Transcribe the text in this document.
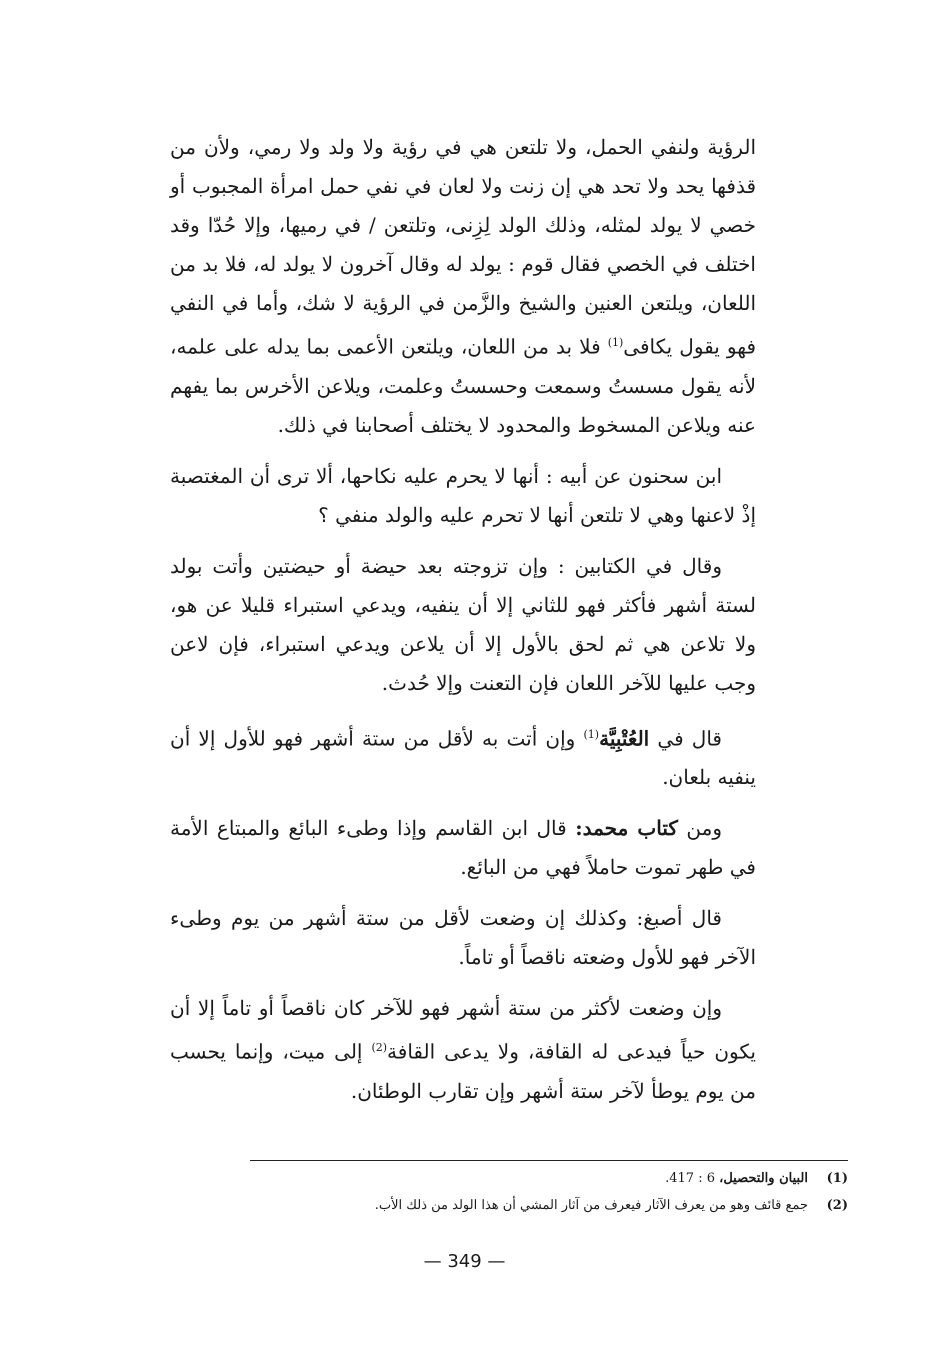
الرؤية ولنفي الحمل، ولا تلتعن هي في رؤية ولا ولد ولا رمي، ولأن من قذفها يحد ولا تحد هي إن زنت ولا لعان في نفي حمل امرأة المجبوب أو خصي لا يولد لمثله، وذلك الولد لِزِنى، وتلتعن / في رميها، وإلا حُدّا وقد اختلف في الخصي فقال قوم : يولد له وقال آخرون لا يولد له، فلا بد من اللعان، ويلتعن العنين والشيخ والزَّمن في الرؤية لا شك، وأما في النفي فهو يقول يكافى$^{(1)}$ فلا بد من اللعان، ويلتعن الأعمى بما يدله على علمه، لأنه يقول مسستُ وسمعت وحسستُ وعلمت، ويلاعن الأخرس بما يفهم عنه ويلاعن المسخوط والمحدود لا يختلف أصحابنا في ذلك.

ابن سحنون عن أبيه : أنها لا يحرم عليه نكاحها، ألا ترى أن المغتصبة إذْ لاعنها وهي لا تلتعن أنها لا تحرم عليه والولد منفي ؟

وقال في الكتابين : وإن تزوجته بعد حيضة أو حيضتين وأتت بولد لستة أشهر فأكثر فهو للثاني إلا أن ينفيه، ويدعي استبراء قليلا عن هو، ولا تلاعن هي ثم لحق بالأول إلا أن يلاعن ويدعي استبراء، فإن لاعن وجب عليها للآخر اللعان فإن التعنت وإلا حُدث.

قال في العُتْبِيَّة$^{(1)}$ وإن أتت به لأقل من ستة أشهر فهو للأول إلا أن ينفيه بلعان.

ومن كتاب محمد: قال ابن القاسم وإذا وطىء البائع والمبتاع الأمة في طهر تموت حاملاً فهي من البائع.

قال أصبغ: وكذلك إن وضعت لأقل من ستة أشهر من يوم وطىء الآخر فهو للأول وضعته ناقصاً أو تاماً.

وإن وضعت لأكثر من ستة أشهر فهو للآخر كان ناقصاً أو تاماً إلا أن يكون حياً فيدعى له القافة، ولا يدعى القافة$^{(2)}$ إلى ميت، وإنما يحسب من يوم يوطأ لآخر ستة أشهر وإن تقارب الوطئان.

(1)البيان والتحصيل، 6 : 417.

(2)جمع قائف وهو من يعرف الآثار فيعرف من آثار المشي أن هذا الولد من ذلك الأب.

— 349 —
